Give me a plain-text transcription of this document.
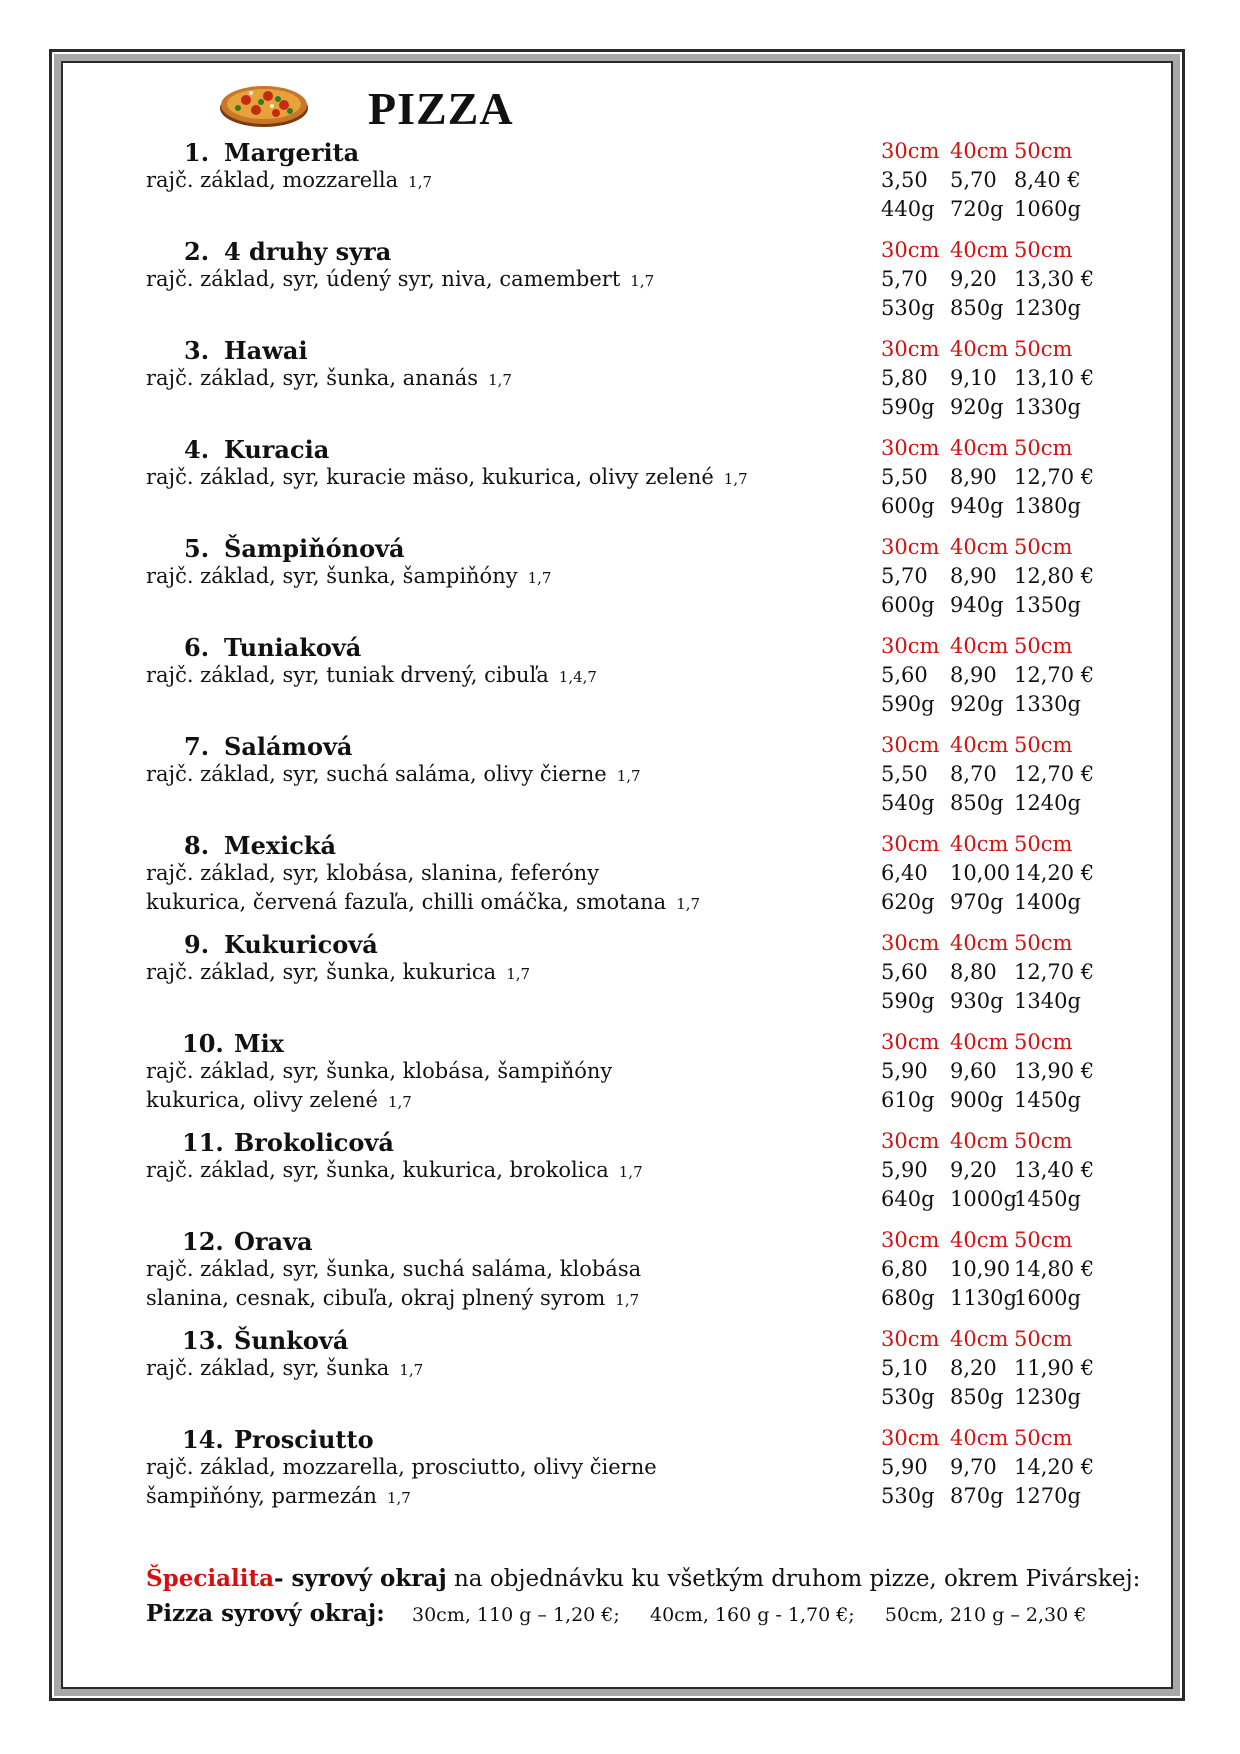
PIZZA
1. Margerita
rajč. základ, mozzarella 1,7
30cm
3,50
440g
40cm
5,70
720g
50cm
8,40 €
1060g
2. 4 druhy syra
rajč. základ, syr, údený syr, niva, camembert 1,7
30cm
5,70
530g
40cm
9,20
850g
50cm
13,30 €
1230g
3. Hawai
rajč. základ, syr, šunka, ananás 1,7
30cm
5,80
590g
40cm
9,10
920g
50cm
13,10 €
1330g
4. Kuracia
rajč. základ, syr, kuracie mäso, kukurica, olivy zelené 1,7
30cm
5,50
600g
40cm
8,90
940g
50cm
12,70 €
1380g
5. Šampiňónová
rajč. základ, syr, šunka, šampiňóny 1,7
30cm
5,70
600g
40cm
8,90
940g
50cm
12,80 €
1350g
6. Tuniaková
rajč. základ, syr, tuniak drvený, cibuľa 1,4,7
30cm
5,60
590g
40cm
8,90
920g
50cm
12,70 €
1330g
7. Salámová
rajč. základ, syr, suchá saláma, olivy čierne 1,7
30cm
5,50
540g
40cm
8,70
850g
50cm
12,70 €
1240g
8. Mexická
rajč. základ, syr, klobása, slanina, feferóny
kukurica, červená fazuľa, chilli omáčka, smotana 1,7
30cm
6,40
620g
40cm
10,00
970g
50cm
14,20 €
1400g
9. Kukuricová
rajč. základ, syr, šunka, kukurica 1,7
30cm
5,60
590g
40cm
8,80
930g
50cm
12,70 €
1340g
10. Mix
rajč. základ, syr, šunka, klobása, šampiňóny
kukurica, olivy zelené 1,7
30cm
5,90
610g
40cm
9,60
900g
50cm
13,90 €
1450g
11. Brokolicová
rajč. základ, syr, šunka, kukurica, brokolica 1,7
30cm
5,90
640g
40cm
9,20
1000g
50cm
13,40 €
1450g
12. Orava
rajč. základ, syr, šunka, suchá saláma, klobása
slanina, cesnak, cibuľa, okraj plnený syrom 1,7
30cm
6,80
680g
40cm
10,90
1130g
50cm
14,80 €
1600g
13. Šunková
rajč. základ, syr, šunka 1,7
30cm
5,10
530g
40cm
8,20
850g
50cm
11,90 €
1230g
14. Prosciutto
rajč. základ, mozzarella, prosciutto, olivy čierne
šampiňóny, parmezán 1,7
30cm
5,90
530g
40cm
9,70
870g
50cm
14,20 €
1270g
Špecialita- syrový okraj na objednávku ku všetkým druhom pizze, okrem Pivárskej:
Pizza syrový okraj: 30cm, 110 g – 1,20 €;     40cm, 160 g - 1,70 €;     50cm, 210 g – 2,30 €
